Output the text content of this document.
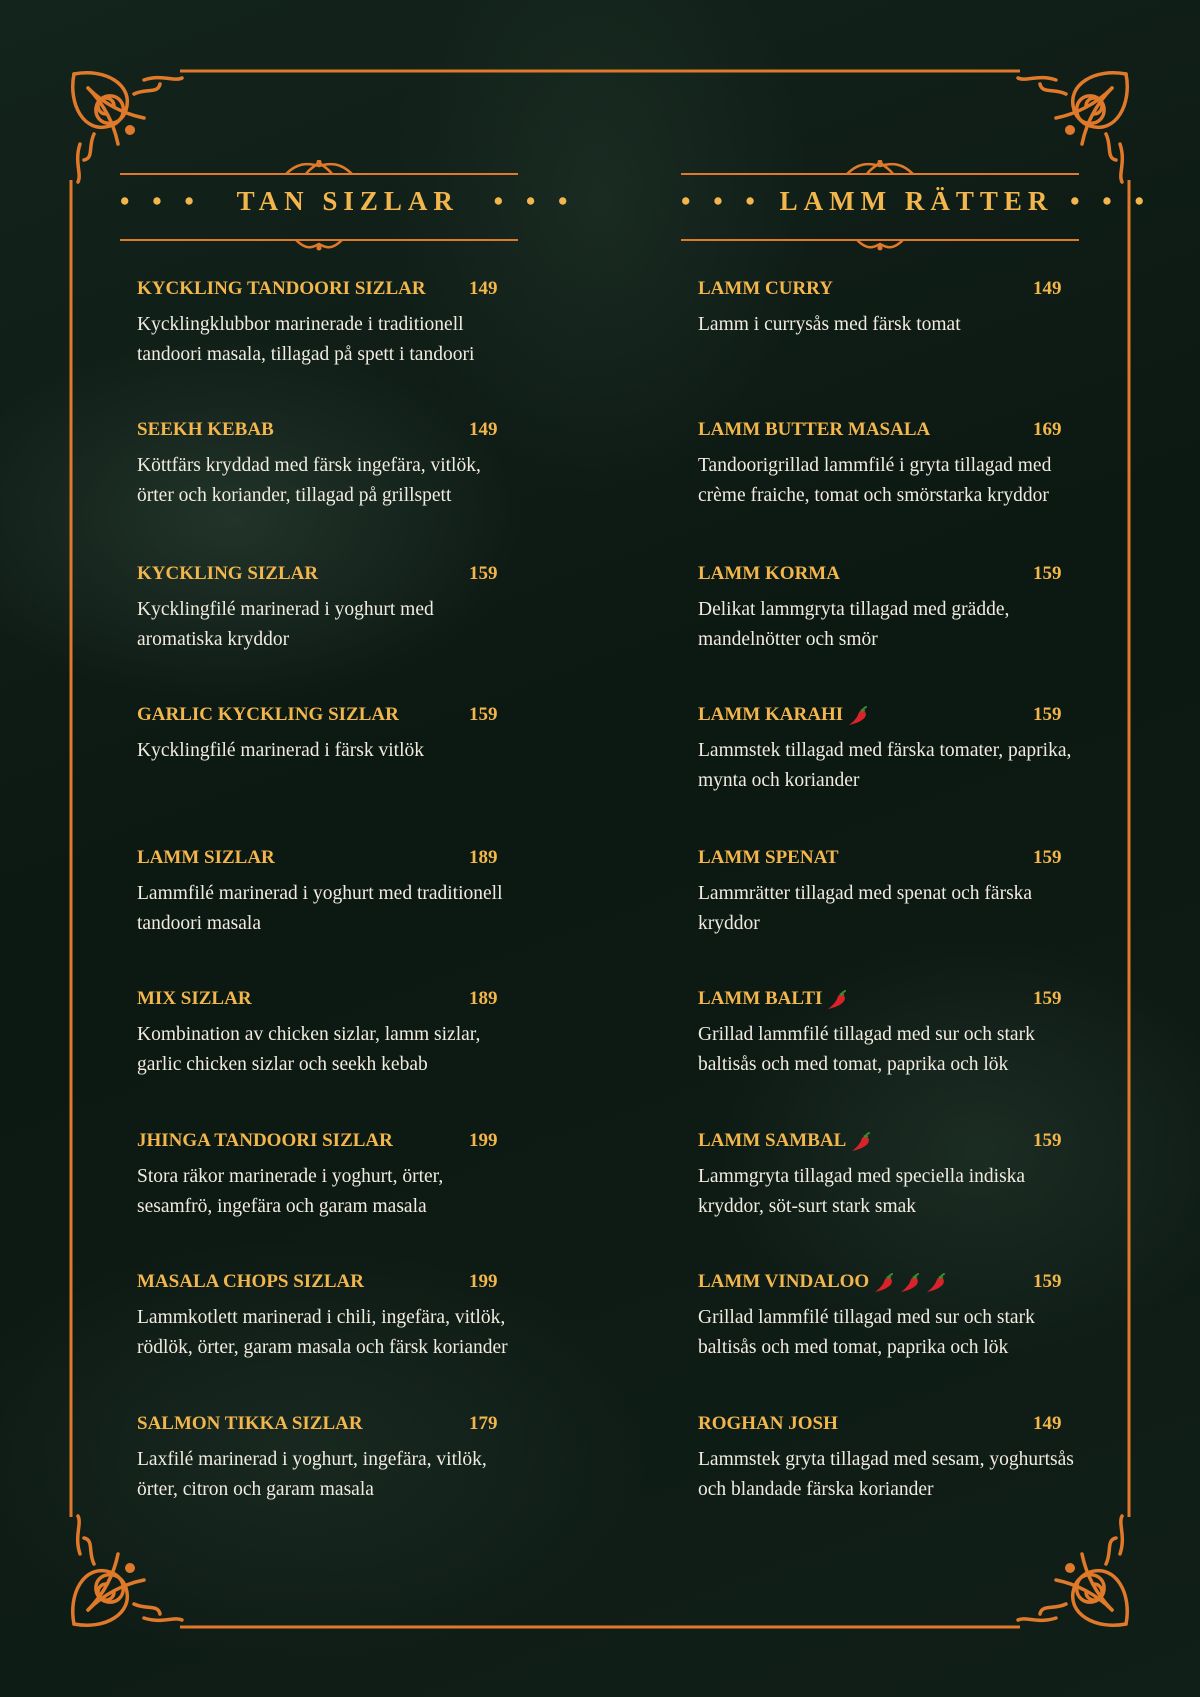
• • • TAN SIZLAR • • •
KYCKLING TANDOORI SIZLAR 149
Kycklingklubbor marinerade i traditionell tandoori masala, tillagad på spett i tandoori
SEEKH KEBAB	149
Köttfärs kryddad med färsk ingefära, vitlök, örter och koriander, tillagad på grillspett
KYCKLING SIZLAR	159
Kycklingfilé marinerad i yoghurt med aromatiska kryddor
GARLIC KYCKLING SIZLAR	159
Kycklingfilé marinerad i färsk vitlök
LAMM SIZLAR	189
Lammfilé marinerad i yoghurt med traditionell tandoori masala
MIX SIZLAR	189
Kombination av chicken sizlar, lamm sizlar, garlic chicken sizlar och seekh kebab
JHINGA TANDOORI SIZLAR	199
Stora räkor marinerade i yoghurt, örter, sesamfrö, ingefära och garam masala
MASALA CHOPS SIZLAR	199
Lammkotlett marinerad i chili, ingefära, vitlök, rödlök, örter, garam masala och färsk koriander
SALMON TIKKA SIZLAR	179
Laxfilé marinerad i yoghurt, ingefära, vitlök, örter, citron och garam masala
• • • LAMM RÄTTER • • •
LAMM CURRY	149
Lamm i currysås med färsk tomat
LAMM BUTTER MASALA	169
Tandoorigrillad lammfilé i gryta tillagad med crème fraiche, tomat och smörstarka kryddor
LAMM KORMA	159
Delikat lammgryta tillagad med grädde, mandelnötter och smör
LAMM KARAHI	159
Lammstek tillagad med färska tomater, paprika, mynta och koriander
LAMM SPENAT	159
Lammrätter tillagad med spenat och färska kryddor
LAMM BALTI	159
Grillad lammfilé tillagad med sur och stark baltisås och med tomat, paprika och lök
LAMM SAMBAL	159
Lammgryta tillagad med speciella indiska kryddor, söt-surt stark smak
LAMM VINDALOO	159
Grillad lammfilé tillagad med sur och stark baltisås och med tomat, paprika och lök
ROGHAN JOSH	149
Lammstek gryta tillagad med sesam, yoghurtsås och blandade färska koriander
